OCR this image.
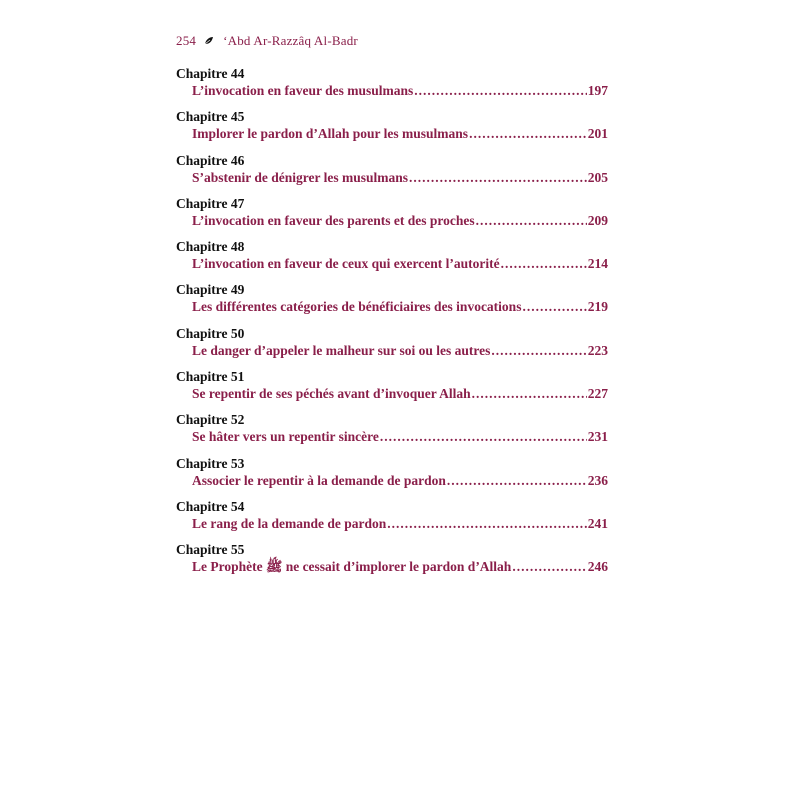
254 ‘Abd Ar-Razzâq Al-Badr
Chapitre 44
L’invocation en faveur des musulmans .....	197
Chapitre 45
Implorer le pardon d’Allah pour les musulmans .....	201
Chapitre 46
S’abstenir de dénigrer les musulmans .....	205
Chapitre 47
L’invocation en faveur des parents et des proches .....	209
Chapitre 48
L’invocation en faveur de ceux qui exercent l’autorité .....	214
Chapitre 49
Les différentes catégories de bénéficiaires des invocations .....	219
Chapitre 50
Le danger d’appeler le malheur sur soi ou les autres .....	223
Chapitre 51
Se repentir de ses péchés avant d’invoquer Allah .....	227
Chapitre 52
Se hâter vers un repentir sincère .....	231
Chapitre 53
Associer le repentir à la demande de pardon .....	236
Chapitre 54
Le rang de la demande de pardon .....	241
Chapitre 55
Le Prophète ﷺ ne cessait d’implorer le pardon d’Allah .....	246
